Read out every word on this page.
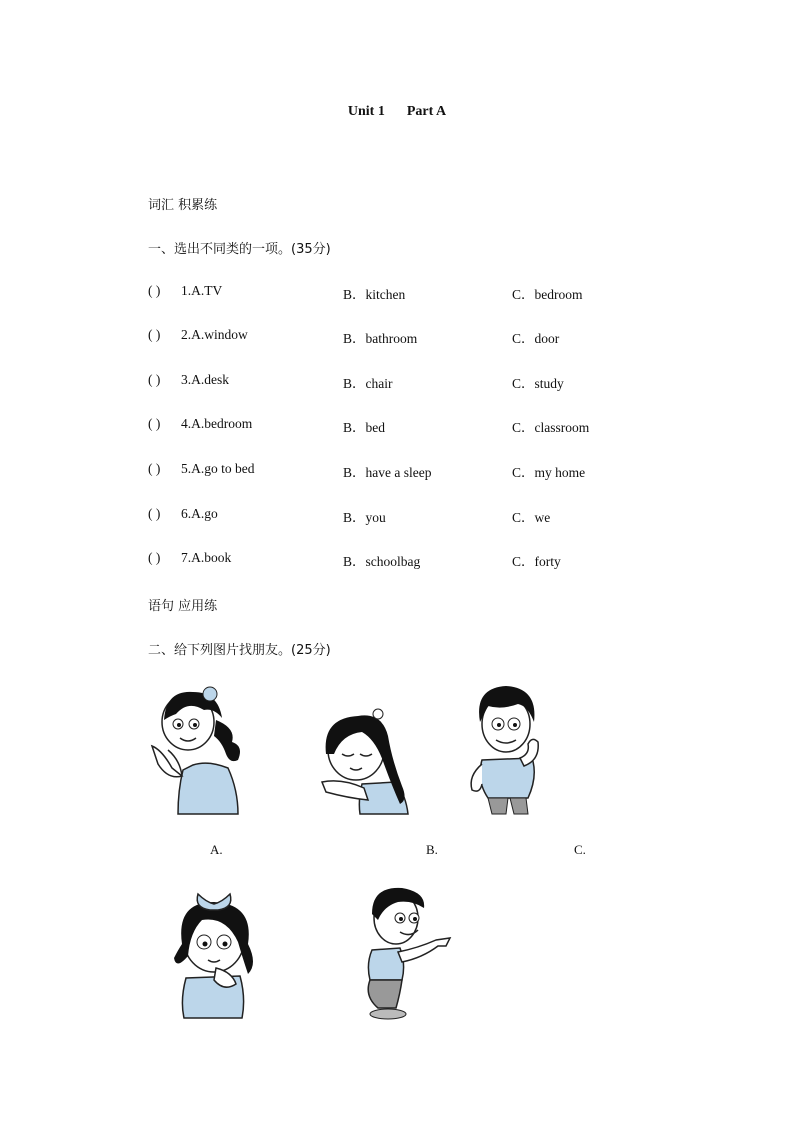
Unit 1 Part A
词汇 积累练
一、选出不同类的一项。(35分)
( ) 1.A.TV	B．kitchen	C．bedroom
( ) 2.A.window	B．bathroom	C．door
( ) 3.A.desk	B．chair	C．study
( ) 4.A.bedroom	B．bed	C．classroom
( ) 5.A.go to bed	B．have a sleep	C．my home
( ) 6.A.go	B．you	C．we
( ) 7.A.book	B．schoolbag	C．forty
语句 应用练
二、给下列图片找朋友。(25分)
A.	B.	C.
